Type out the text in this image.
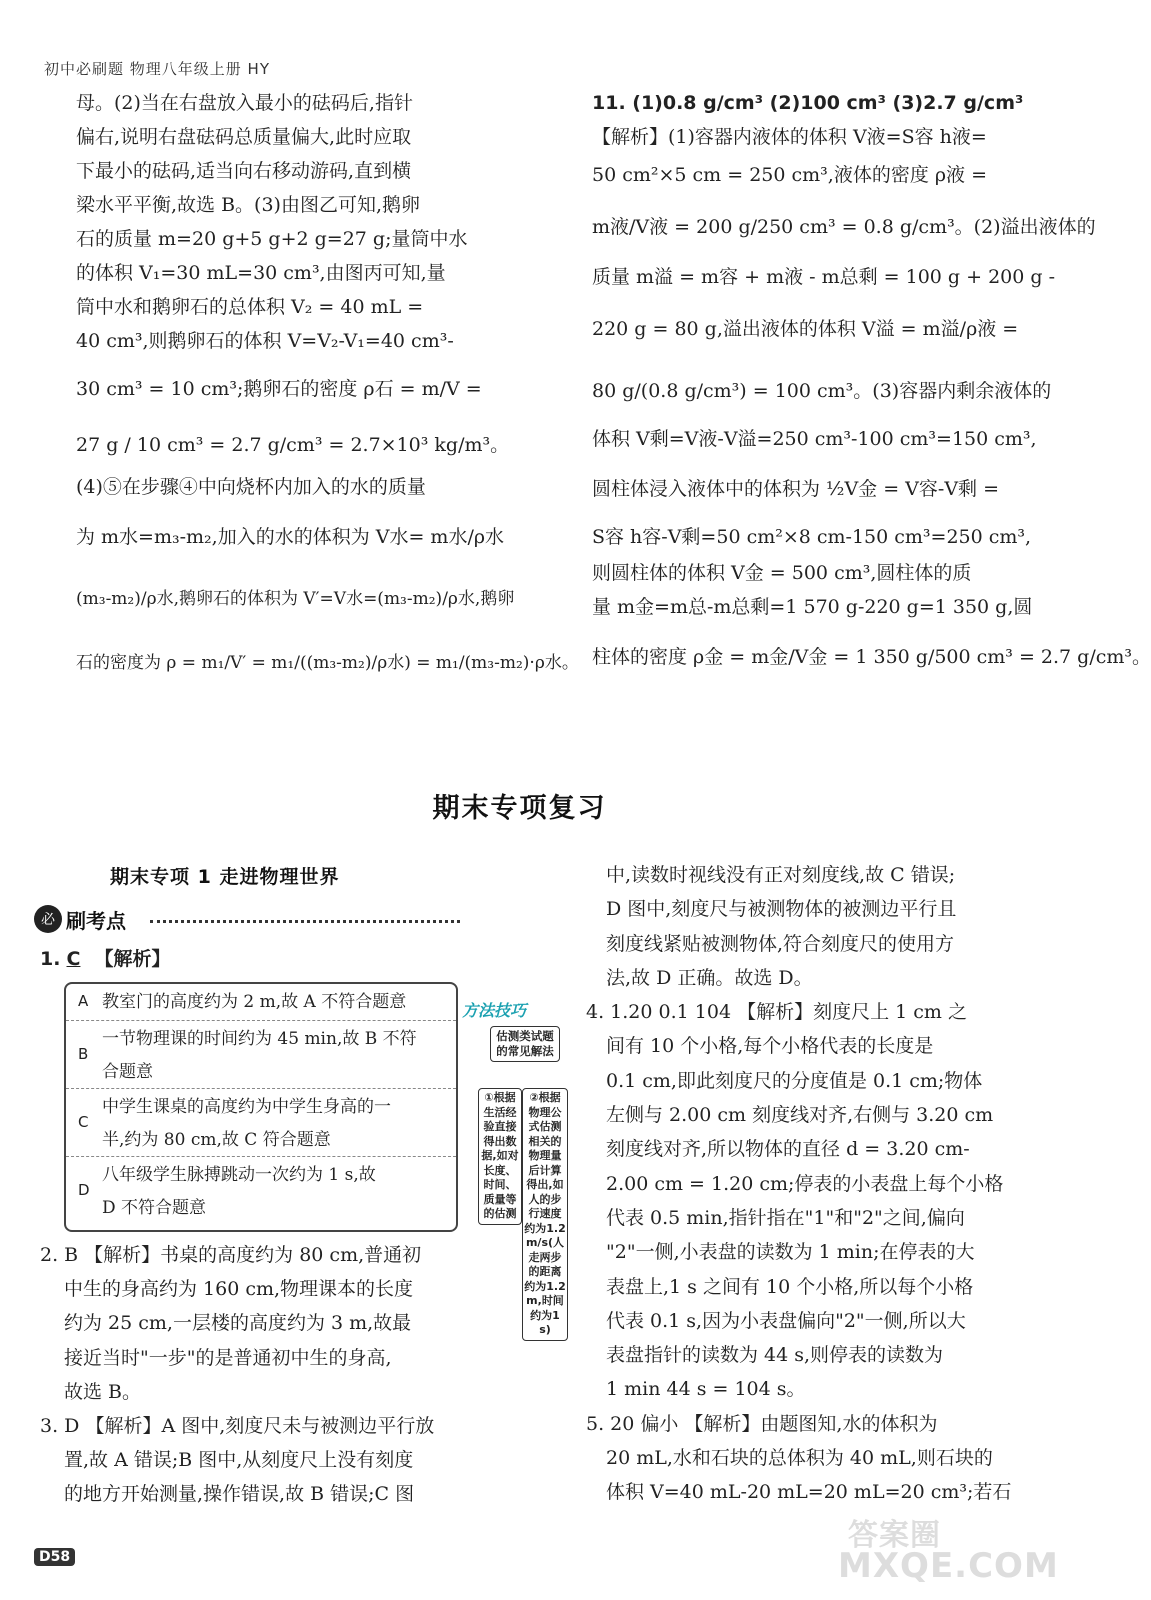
初中必刷题 物理八年级上册 HY
母。(2)当在右盘放入最小的砝码后,指针
偏右,说明右盘砝码总质量偏大,此时应取
下最小的砝码,适当向右移动游码,直到横
梁水平平衡,故选 B。(3)由图乙可知,鹅卵
石的质量 m=20 g+5 g+2 g=27 g;量筒中水
的体积 V₁=30 mL=30 cm³,由图丙可知,量
筒中水和鹅卵石的总体积 V₂ = 40 mL =
40 cm³,则鹅卵石的体积 V=V₂-V₁=40 cm³-
30 cm³ = 10 cm³;鹅卵石的密度 ρ石 = m/V =
27 g / 10 cm³ = 2.7 g/cm³ = 2.7×10³ kg/m³。
(4)⑤在步骤④中向烧杯内加入的水的质量
为 m水=m₃-m₂,加入的水的体积为 V水= m水/ρ水
(m₃-m₂)/ρ水,鹅卵石的体积为 V′=V水=(m₃-m₂)/ρ水,鹅卵
石的密度为 ρ = m₁/V′ = m₁/((m₃-m₂)/ρ水) = m₁/(m₃-m₂)·ρ水。
11. (1)0.8 g/cm³ (2)100 cm³ (3)2.7 g/cm³
【解析】(1)容器内液体的体积 V液=S容 h液=
50 cm²×5 cm = 250 cm³,液体的密度 ρ液 =
m液/V液 = 200 g/250 cm³ = 0.8 g/cm³。(2)溢出液体的
质量 m溢 = m容 + m液 - m总剩 = 100 g + 200 g -
220 g = 80 g,溢出液体的体积 V溢 = m溢/ρ液 =
80 g/(0.8 g/cm³) = 100 cm³。(3)容器内剩余液体的
体积 V剩=V液-V溢=250 cm³-100 cm³=150 cm³,
圆柱体浸入液体中的体积为 ½V金 = V容-V剩 =
S容 h容-V剩=50 cm²×8 cm-150 cm³=250 cm³,
则圆柱体的体积 V金 = 500 cm³,圆柱体的质
量 m金=m总-m总剩=1 570 g-220 g=1 350 g,圆
柱体的密度 ρ金 = m金/V金 = 1 350 g/500 cm³ = 2.7 g/cm³。
期末专项复习
期末专项 1 走进物理世界
必 刷考点
1. C 【解析】
A 教室门的高度约为 2 m,故 A 不符合题意
B
一节物理课的时间约为 45 min,故 B 不符
合题意
C
中学生课桌的高度约为中学生身高的一
半,约为 80 cm,故 C 符合题意
D
八年级学生脉搏跳动一次约为 1 s,故
D 不符合题意
方法技巧
估测类试题的常见解法
①根据生活经验直接得出数据,如对长度、时间、质量等的估测
②根据物理公式估测相关的物理量后计算得出,如人的步行速度约为1.2 m/s(人走两步的距离约为1.2 m,时间约为1 s)
2. B 【解析】书桌的高度约为 80 cm,普通初
中生的身高约为 160 cm,物理课本的长度
约为 25 cm,一层楼的高度约为 3 m,故最
接近当时"一步"的是普通初中生的身高,
故选 B。
3. D 【解析】A 图中,刻度尺未与被测边平行放
置,故 A 错误;B 图中,从刻度尺上没有刻度
的地方开始测量,操作错误,故 B 错误;C 图
中,读数时视线没有正对刻度线,故 C 错误;
D 图中,刻度尺与被测物体的被测边平行且
刻度线紧贴被测物体,符合刻度尺的使用方
法,故 D 正确。故选 D。
4. 1.20 0.1 104 【解析】刻度尺上 1 cm 之
间有 10 个小格,每个小格代表的长度是
0.1 cm,即此刻度尺的分度值是 0.1 cm;物体
左侧与 2.00 cm 刻度线对齐,右侧与 3.20 cm
刻度线对齐,所以物体的直径 d = 3.20 cm-
2.00 cm = 1.20 cm;停表的小表盘上每个小格
代表 0.5 min,指针指在"1"和"2"之间,偏向
"2"一侧,小表盘的读数为 1 min;在停表的大
表盘上,1 s 之间有 10 个小格,所以每个小格
代表 0.1 s,因为小表盘偏向"2"一侧,所以大
表盘指针的读数为 44 s,则停表的读数为
1 min 44 s = 104 s。
5. 20 偏小 【解析】由题图知,水的体积为
20 mL,水和石块的总体积为 40 mL,则石块的
体积 V=40 mL-20 mL=20 mL=20 cm³;若石
D58
答案圈
MXQE.COM
